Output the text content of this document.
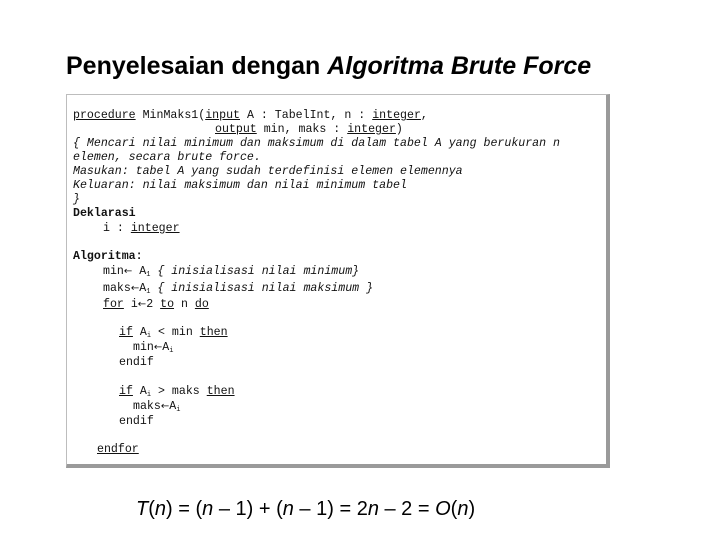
Penyelesaian dengan Algoritma Brute Force
procedure MinMaks1(input A : TabelInt, n : integer,
output min, maks : integer)
{ Mencari nilai minimum dan maksimum di dalam tabel A yang berukuran n
elemen, secara brute force.
Masukan: tabel A yang sudah terdefinisi elemen elemennya
Keluaran: nilai maksimum dan nilai minimum tabel
}
Deklarasi
i : integer
Algoritma:
min← $A_1$ { inisialisasi nilai minimum}
$maks\leftarrow A_1$ { inisialisasi nilai maksimum }
for i←2 to n do
if $A_i < \min$ then
$\min\leftarrow A_i$
endif
if $A_i$ > maks then
$maks\leftarrow A_i$
endif
endfor
T(n) = (n – 1) + (n – 1) = 2n – 2 = O(n)
